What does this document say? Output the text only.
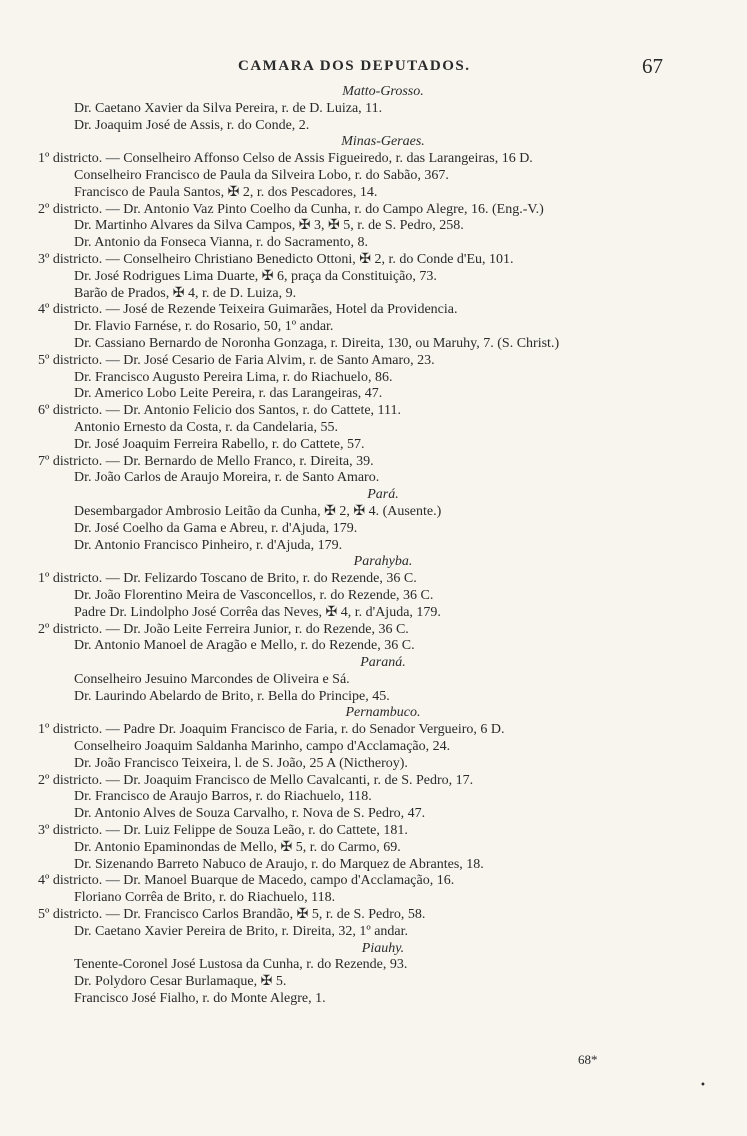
CAMARA DOS DEPUTADOS.	67
Matto-Grosso.
Dr. Caetano Xavier da Silva Pereira, r. de D. Luiza, 11.
Dr. Joaquim José de Assis, r. do Conde, 2.
Minas-Geraes.
1º districto. — Conselheiro Affonso Celso de Assis Figueiredo, r. das Larangeiras, 16 D.
Conselheiro Francisco de Paula da Silveira Lobo, r. do Sabão, 367.
Francisco de Paula Santos, ✠ 2, r. dos Pescadores, 14.
2º districto. — Dr. Antonio Vaz Pinto Coelho da Cunha, r. do Campo Alegre, 16. (Eng.-V.)
Dr. Martinho Alvares da Silva Campos, ✠ 3, ✠ 5, r. de S. Pedro, 258.
Dr. Antonio da Fonseca Vianna, r. do Sacramento, 8.
3º districto. — Conselheiro Christiano Benedicto Ottoni, ✠ 2, r. do Conde d'Eu, 101.
Dr. José Rodrigues Lima Duarte, ✠ 6, praça da Constituição, 73.
Barão de Prados, ✠ 4, r. de D. Luiza, 9.
4º districto. — José de Rezende Teixeira Guimarães, Hotel da Providencia.
Dr. Flavio Farnése, r. do Rosario, 50, 1º andar.
Dr. Cassiano Bernardo de Noronha Gonzaga, r. Direita, 130, ou Maruhy, 7. (S. Christ.)
5º districto. — Dr. José Cesario de Faria Alvim, r. de Santo Amaro, 23.
Dr. Francisco Augusto Pereira Lima, r. do Riachuelo, 86.
Dr. Americo Lobo Leite Pereira, r. das Larangeiras, 47.
6º districto. — Dr. Antonio Felicio dos Santos, r. do Cattete, 111.
Antonio Ernesto da Costa, r. da Candelaria, 55.
Dr. José Joaquim Ferreira Rabello, r. do Cattete, 57.
7º districto. — Dr. Bernardo de Mello Franco, r. Direita, 39.
Dr. João Carlos de Araujo Moreira, r. de Santo Amaro.
Pará.
Desembargador Ambrosio Leitão da Cunha, ✠ 2, ✠ 4. (Ausente.)
Dr. José Coelho da Gama e Abreu, r. d'Ajuda, 179.
Dr. Antonio Francisco Pinheiro, r. d'Ajuda, 179.
Parahyba.
1º districto. — Dr. Felizardo Toscano de Brito, r. do Rezende, 36 C.
Dr. João Florentino Meira de Vasconcellos, r. do Rezende, 36 C.
Padre Dr. Lindolpho José Corrêa das Neves, ✠ 4, r. d'Ajuda, 179.
2º districto. — Dr. João Leite Ferreira Junior, r. do Rezende, 36 C.
Dr. Antonio Manoel de Aragão e Mello, r. do Rezende, 36 C.
Paraná.
Conselheiro Jesuino Marcondes de Oliveira e Sá.
Dr. Laurindo Abelardo de Brito, r. Bella do Principe, 45.
Pernambuco.
1º districto. — Padre Dr. Joaquim Francisco de Faria, r. do Senador Vergueiro, 6 D.
Conselheiro Joaquim Saldanha Marinho, campo d'Acclamação, 24.
Dr. João Francisco Teixeira, l. de S. João, 25 A (Nictheroy).
2º districto. — Dr. Joaquim Francisco de Mello Cavalcanti, r. de S. Pedro, 17.
Dr. Francisco de Araujo Barros, r. do Riachuelo, 118.
Dr. Antonio Alves de Souza Carvalho, r. Nova de S. Pedro, 47.
3º districto. — Dr. Luiz Felippe de Souza Leão, r. do Cattete, 181.
Dr. Antonio Epaminondas de Mello, ✠ 5, r. do Carmo, 69.
Dr. Sizenando Barreto Nabuco de Araujo, r. do Marquez de Abrantes, 18.
4º districto. — Dr. Manoel Buarque de Macedo, campo d'Acclamação, 16.
Floriano Corrêa de Brito, r. do Riachuelo, 118.
5º districto. — Dr. Francisco Carlos Brandão, ✠ 5, r. de S. Pedro, 58.
Dr. Caetano Xavier Pereira de Brito, r. Direita, 32, 1º andar.
Piauhy.
Tenente-Coronel José Lustosa da Cunha, r. do Rezende, 93.
Dr. Polydoro Cesar Burlamaque, ✠ 5.
Francisco José Fialho, r. do Monte Alegre, 1.
68*
•
